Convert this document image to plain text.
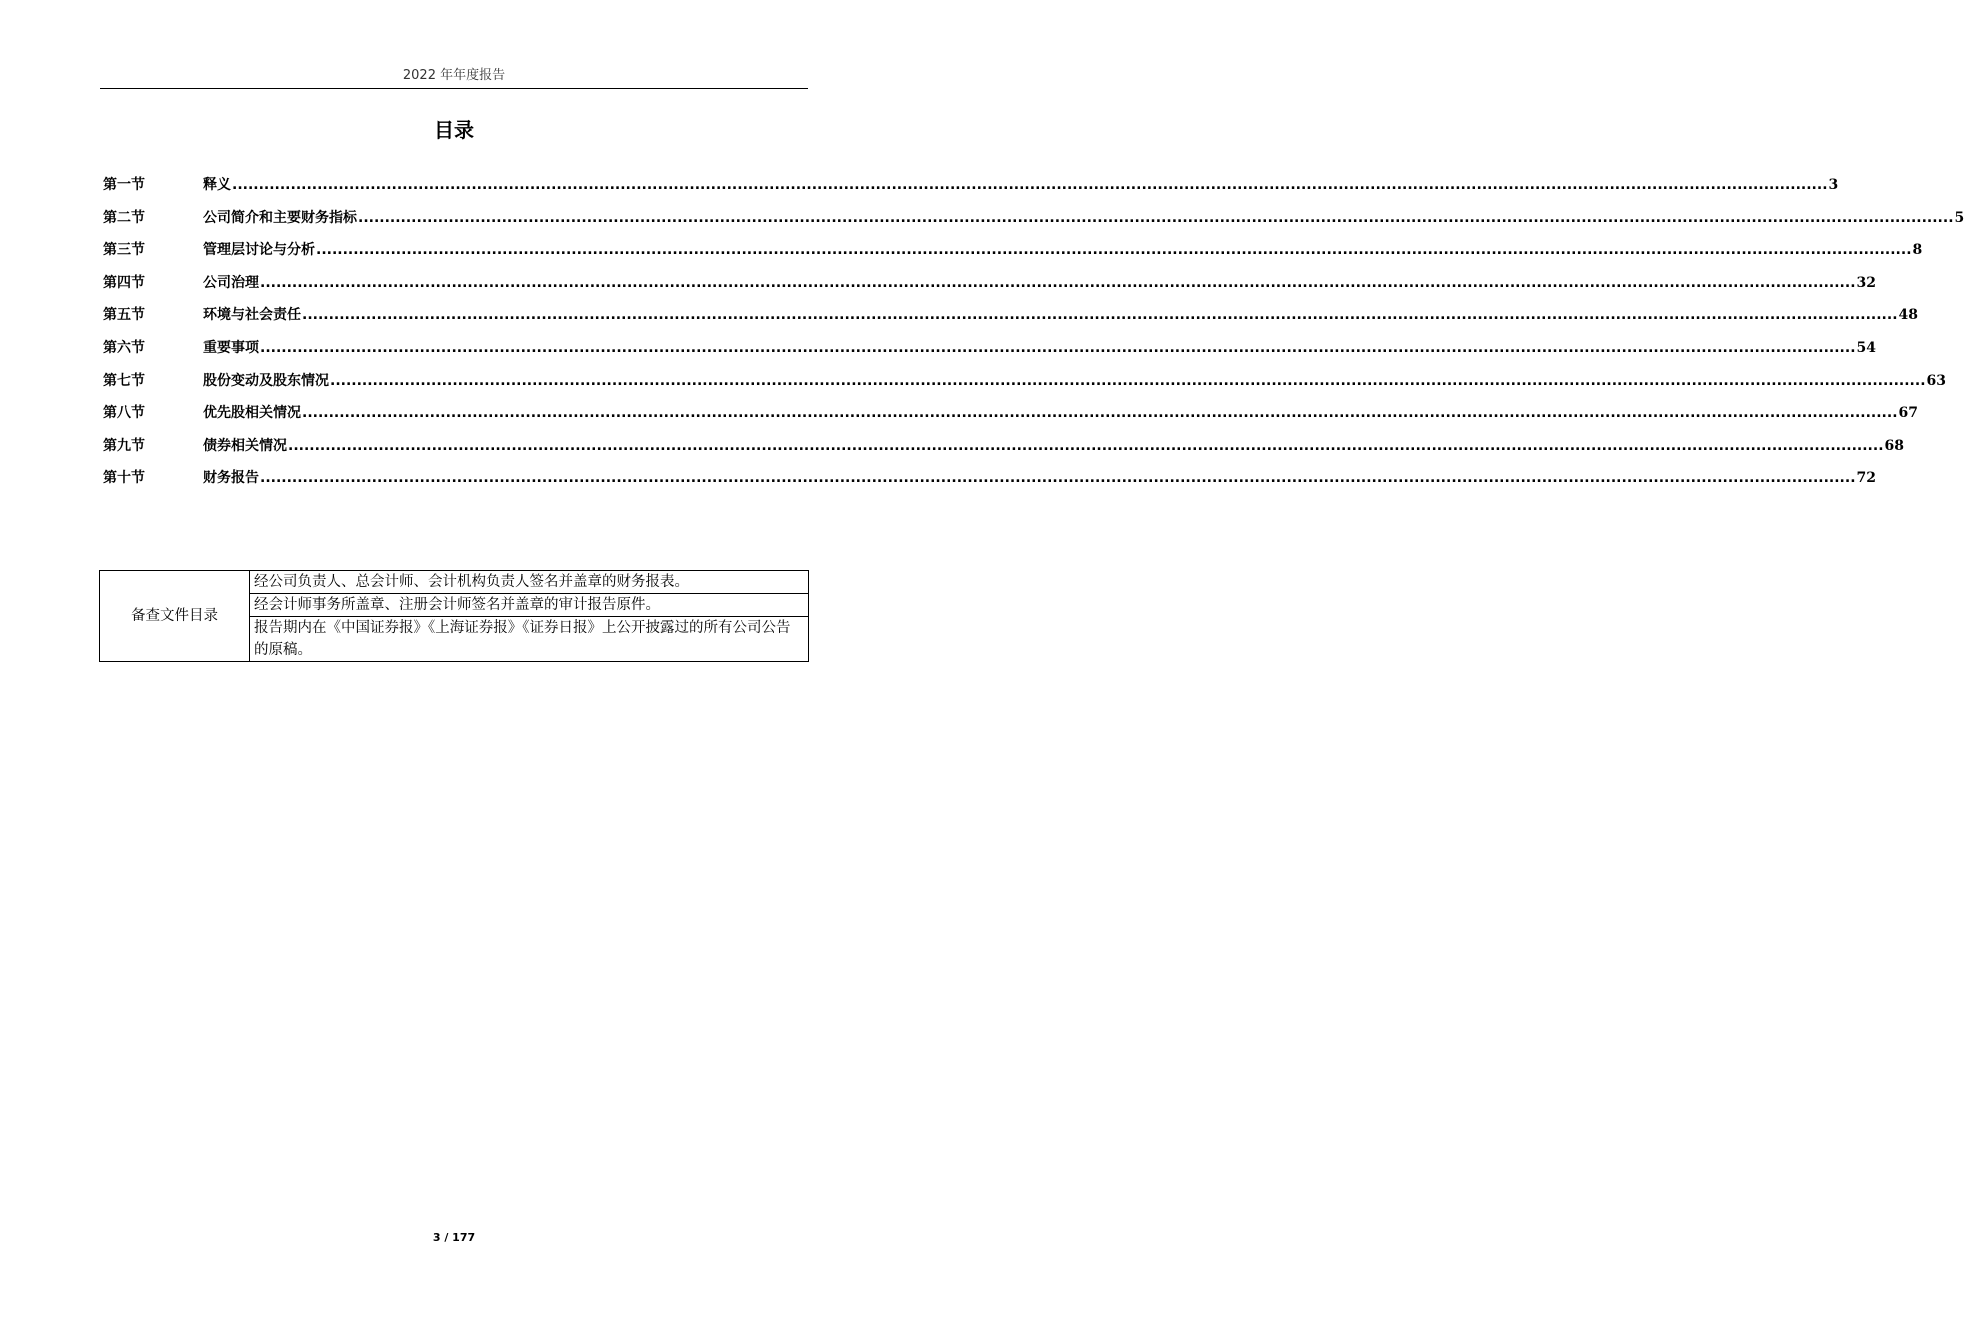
2022 年年度报告
目录
第一节	释义 ............................................................................................................................................................................................................................................................................................................ 3
第二节	公司简介和主要财务指标 ............................................................................................................................................................................................................................................................................................................ 5
第三节	管理层讨论与分析 ............................................................................................................................................................................................................................................................................................................ 8
第四节	公司治理 ............................................................................................................................................................................................................................................................................................................ 32
第五节	环境与社会责任 ............................................................................................................................................................................................................................................................................................................ 48
第六节	重要事项 ............................................................................................................................................................................................................................................................................................................ 54
第七节	股份变动及股东情况 ............................................................................................................................................................................................................................................................................................................ 63
第八节	优先股相关情况 ............................................................................................................................................................................................................................................................................................................ 67
第九节	债券相关情况 ............................................................................................................................................................................................................................................................................................................ 68
第十节	财务报告 ............................................................................................................................................................................................................................................................................................................ 72
备查文件目录	经公司负责人、总会计师、会计机构负责人签名并盖章的财务报表。
经会计师事务所盖章、注册会计师签名并盖章的审计报告原件。
报告期内在《中国证券报》《上海证券报》《证券日报》上公开披露过的所有公司公告的原稿。
3 / 177
